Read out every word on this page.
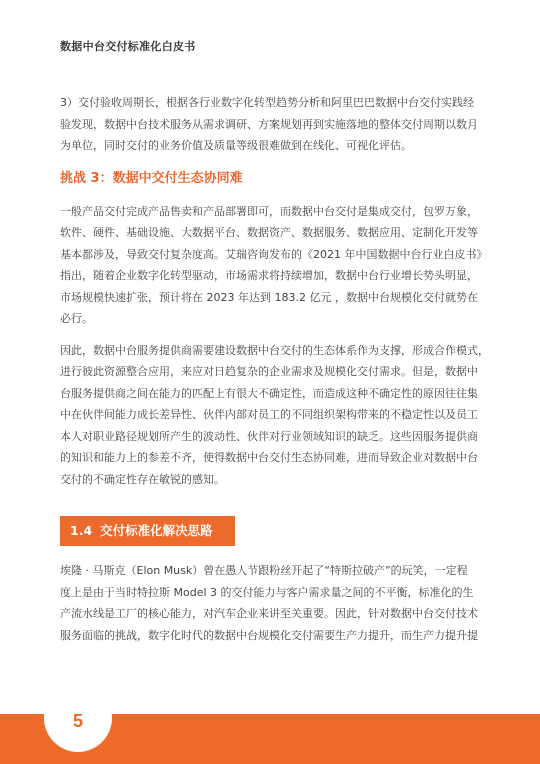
数据中台交付标准化白皮书
3）交付验收周期长，根据各行业数字化转型趋势分析和阿里巴巴数据中台交付实践经
验发现，数据中台技术服务从需求调研、方案规划再到实施落地的整体交付周期以数月
为单位，同时交付的业务价值及质量等级很难做到在线化、可视化评估。
挑战 3：数据中交付生态协同难
一般产品交付完成产品售卖和产品部署即可，而数据中台交付是集成交付，包罗万象，
软件、硬件、基础设施、大数据平台、数据资产、数据服务、数据应用、定制化开发等
基本都涉及，导致交付复杂度高。艾瑞咨询发布的《2021 年中国数据中台行业白皮书》
指出，随着企业数字化转型驱动，市场需求将持续增加，数据中台行业增长势头明显，
市场规模快速扩张，预计将在 2023 年达到 183.2 亿元 ，数据中台规模化交付就势在
必行。
因此，数据中台服务提供商需要建设数据中台交付的生态体系作为支撑，形成合作模式，
进行彼此资源整合应用，来应对日趋复杂的企业需求及规模化交付需求。但是，数据中
台服务提供商之间在能力的匹配上有很大不确定性，而造成这种不确定性的原因往往集
中在伙伴间能力成长差异性、伙伴内部对员工的不同组织架构带来的不稳定性以及员工
本人对职业路径规划所产生的波动性、伙伴对行业领域知识的缺乏。这些因服务提供商
的知识和能力上的参差不齐，使得数据中台交付生态协同难，进而导致企业对数据中台
交付的不确定性存在敏锐的感知。
1.4 交付标准化解决思路
埃隆 · 马斯克（Elon Musk）曾在愚人节跟粉丝开起了“特斯拉破产”的玩笑，一定程
度上是由于当时特拉斯 Model 3 的交付能力与客户需求量之间的不平衡，标准化的生
产流水线是工厂的核心能力，对汽车企业来讲至关重要。因此，针对数据中台交付技术
服务面临的挑战，数字化时代的数据中台规模化交付需要生产力提升，而生产力提升提
5
